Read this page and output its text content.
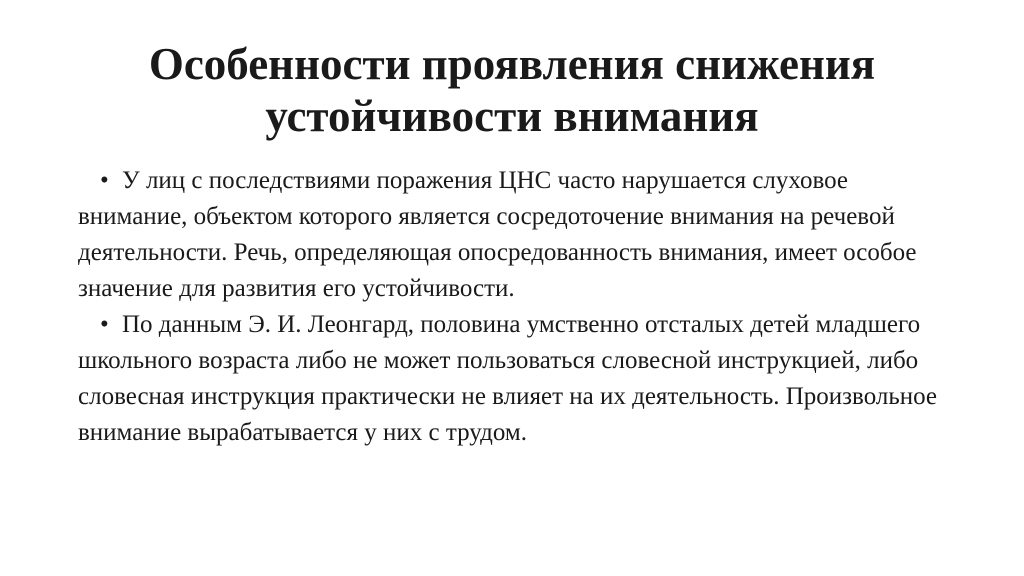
Особенности проявления снижения устойчивости внимания
• У лиц с последствиями поражения ЦНС часто нарушается слуховое внимание, объектом которого является сосредоточение внимания на речевой деятельности. Речь, определяющая опосредованность внимания, имеет особое значение для развития его устойчивости.
• По данным Э. И. Леонгард, половина умственно отсталых детей младшего школьного возраста либо не может пользоваться словесной инструкцией, либо словесная инструкция практически не влияет на их деятельность. Произвольное внимание вырабатывается у них с трудом.
